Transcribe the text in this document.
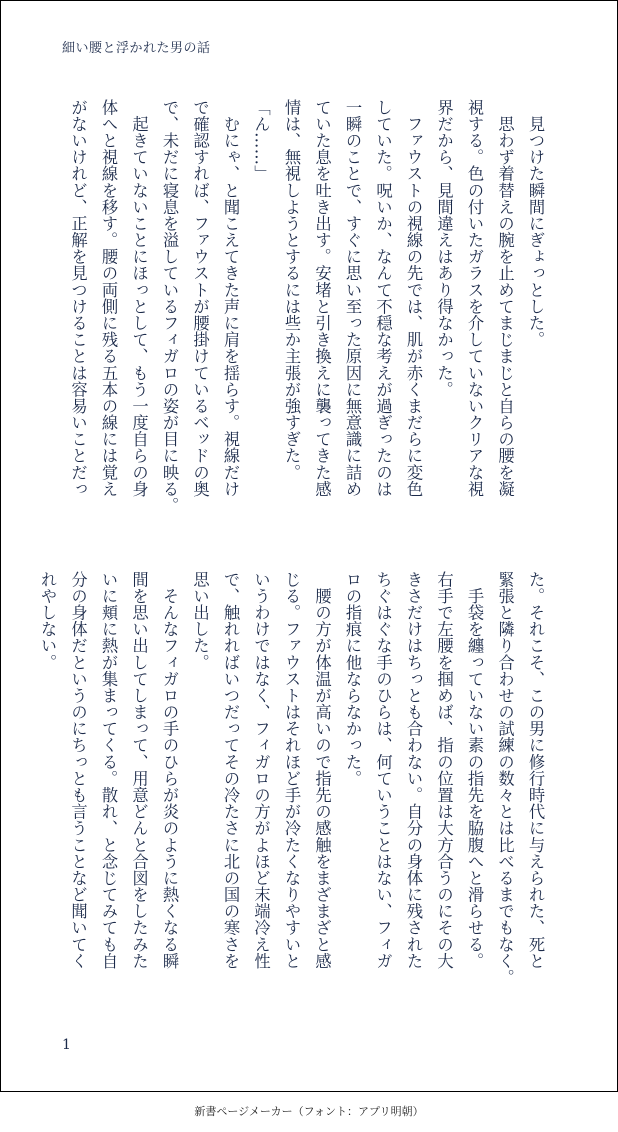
細い腰と浮かれた男の話
　見つけた瞬間にぎょっとした。
　思わず着替えの腕を止めてまじまじと自らの腰を凝
視する。色の付いたガラスを介していないクリアな視
界だから、見間違えはあり得なかった。
　ファウストの視線の先では、肌が赤くまだらに変色
していた。呪いか、なんて不穏な考えが過ぎったのは
一瞬のことで、すぐに思い至った原因に無意識に詰め
ていた息を吐き出す。安堵と引き換えに襲ってきた感
情は、無視しようとするには些か主張が強すぎた。
「ん……」
　むにゃ、と聞こえてきた声に肩を揺らす。視線だけ
で確認すれば、ファウストが腰掛けているベッドの奥
で、未だに寝息を溢しているフィガロの姿が目に映る。
　起きていないことにほっとして、もう一度自らの身
体へと視線を移す。腰の両側に残る五本の線には覚え
がないけれど、正解を見つけることは容易いことだっ
た。それこそ、この男に修行時代に与えられた、死と
緊張と隣り合わせの試練の数々とは比べるまでもなく。
　手袋を纏っていない素の指先を脇腹へと滑らせる。
右手で左腰を掴めば、指の位置は大方合うのにその大
きさだけはちっとも合わない。自分の身体に残された
ちぐはぐな手のひらは、何ていうことはない、フィガ
ロの指痕に他ならなかった。
　腰の方が体温が高いので指先の感触をまざまざと感
じる。ファウストはそれほど手が冷たくなりやすいと
いうわけではなく、フィガロの方がよほど末端冷え性
で、触れればいつだってその冷たさに北の国の寒さを
思い出した。
　そんなフィガロの手のひらが炎のように熱くなる瞬
間を思い出してしまって、用意どんと合図をしたみた
いに頬に熱が集まってくる。散れ、と念じてみても自
分の身体だというのにちっとも言うことなど聞いてく
れやしない。
1
新書ページメーカー（フォント：アプリ明朝）
